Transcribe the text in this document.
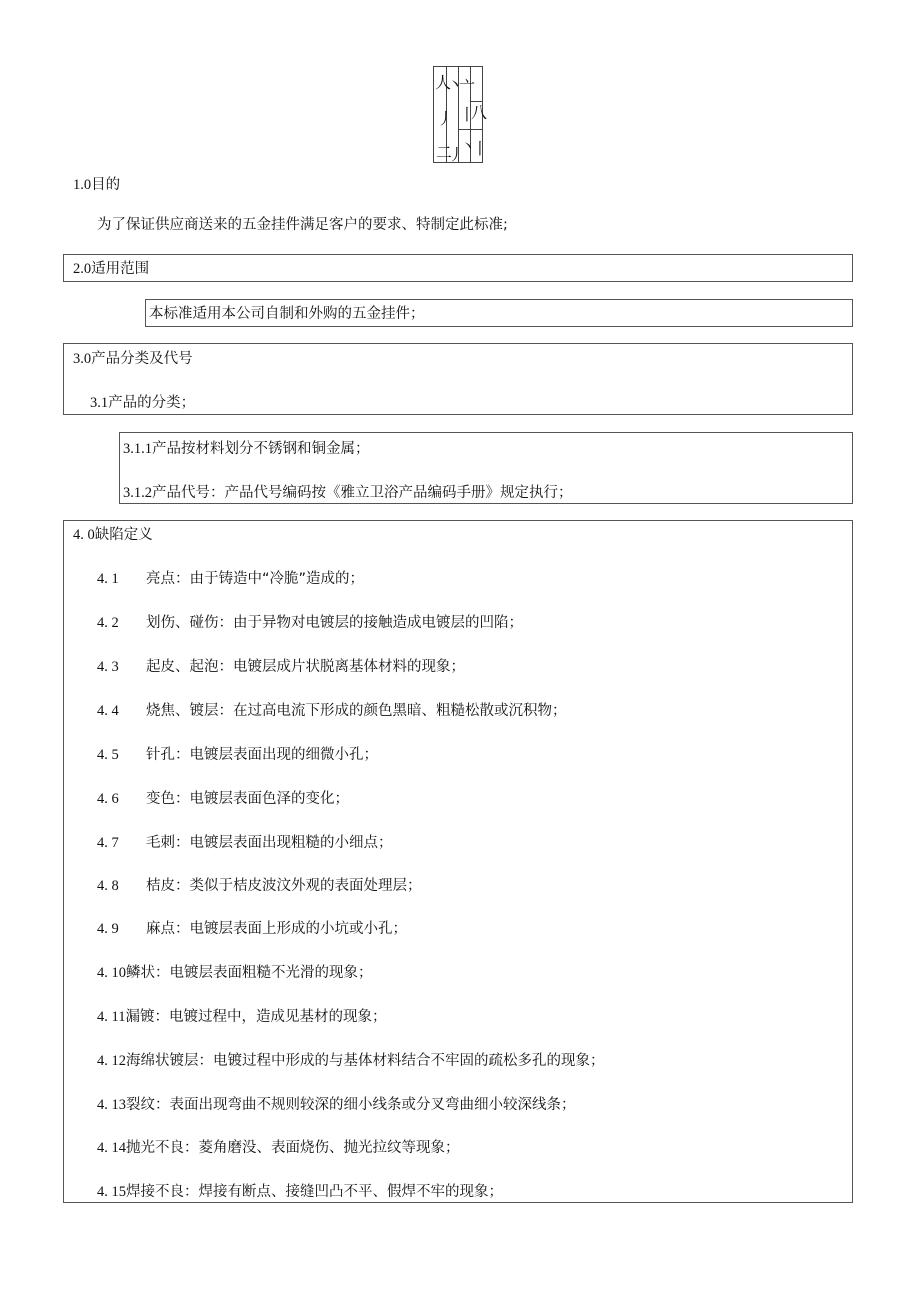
⼈
⼂
⼇
⼃ ⼁
⼋
⼆
⼃
⼂
⼁
1.0目的
为了保证供应商送来的五金挂件满足客户的要求、特制定此标准;
2.0适用范围
本标准适用本公司自制和外购的五金挂件；
3.0产品分类及代号
3.1产品的分类；
3.1.1产品按材料划分不锈钢和铜金属；
3.1.2产品代号：产品代号编码按《雅立卫浴产品编码手册》规定执行；
4. 0缺陷定义
4. 1 亮点：由于铸造中“冷脆”造成的；
4. 2 划伤、碰伤：由于异物对电镀层的接触造成电镀层的凹陷；
4. 3 起皮、起泡：电镀层成片状脱离基体材料的现象；
4. 4 烧焦、镀层：在过高电流下形成的颜色黑暗、粗糙松散或沉积物；
4. 5 针孔：电镀层表面出现的细微小孔；
4. 6 变色：电镀层表面色泽的变化；
4. 7 毛刺：电镀层表面出现粗糙的小细点；
4. 8 桔皮：类似于桔皮波汶外观的表面处理层；
4. 9 麻点：电镀层表面上形成的小坑或小孔；
4. 10鳞状：电镀层表面粗糙不光滑的现象；
4. 11漏镀：电镀过程中，造成见基材的现象；
4. 12海绵状镀层：电镀过程中形成的与基体材料结合不牢固的疏松多孔的现象；
4. 13裂纹：表面出现弯曲不规则较深的细小线条或分叉弯曲细小较深线条；
4. 14抛光不良：菱角磨没、表面烧伤、抛光拉纹等现象；
4. 15焊接不良：焊接有断点、接缝凹凸不平、假焊不牢的现象；
